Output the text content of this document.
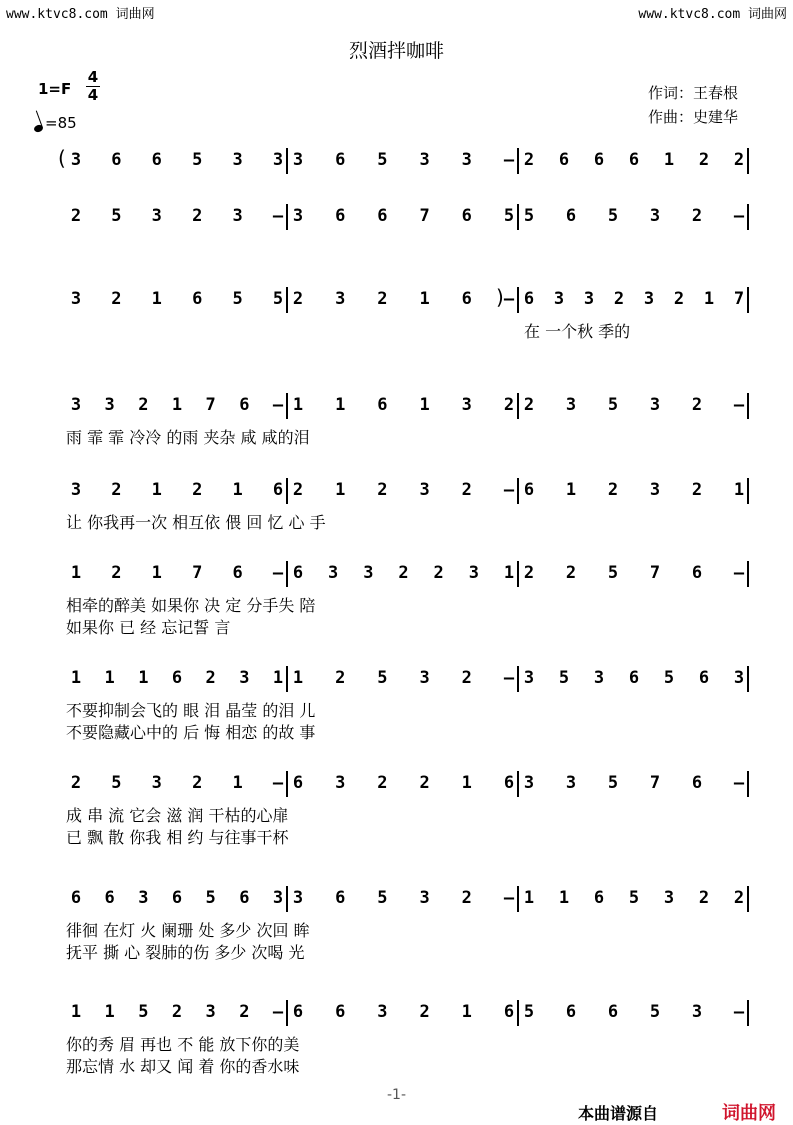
www.ktvc8.com 词曲网	www.ktvc8.com 词曲网
烈酒拌咖啡
1=F
4
4
=85
作词：王春根
作曲：史建华
3 6 6 5 3 3 3 6 5 3 3 – 2 6 6 6 1 2 2
2 5 3 2 3 – 3 6 6 7 6 5 5 6 5 3 2 –
3 2 1 6 5 5 2 3 2 1 6 – 6 3 3 2 3 2 1 7
在 一个秋 季的
3 3 2 1 7 6 – 1 1 6 1 3 2 2 3 5 3 2 –
雨 霏 霏 冷冷 的雨 夹杂 咸 咸的泪
3 2 1 2 1 6 2 1 2 3 2 – 6 1 2 3 2 1
让 你我再一次 相互依 偎 回 忆 心 手
1 2 1 7 6 – 6 3 3 2 2 3 1 2 2 5 7 6 –
相牵的醉美 如果你 决 定 分手失 陪
如果你 已 经 忘记誓 言
1 1 1 6 2 3 1 1 2 5 3 2 – 3 5 3 6 5 6 3
不要抑制会飞的 眼 泪 晶莹 的泪 儿
不要隐藏心中的 后 悔 相恋 的故 事
2 5 3 2 1 – 6 3 2 2 1 6 3 3 5 7 6 –
成 串 流 它会 滋 润 干枯的心扉
已 飘 散 你我 相 约 与往事干杯
6 6 3 6 5 6 3 3 6 5 3 2 – 1 1 6 5 3 2 2
徘徊 在灯 火 阑珊 处 多少 次回 眸
抚平 撕 心 裂肺的伤 多少 次喝 光
1 1 5 2 3 2 – 6 6 3 2 1 6 5 6 6 5 3 –
你的秀 眉 再也 不 能 放下你的美
那忘情 水 却又 闻 着 你的香水味
(
)
-1-
本曲谱源自	词曲网
